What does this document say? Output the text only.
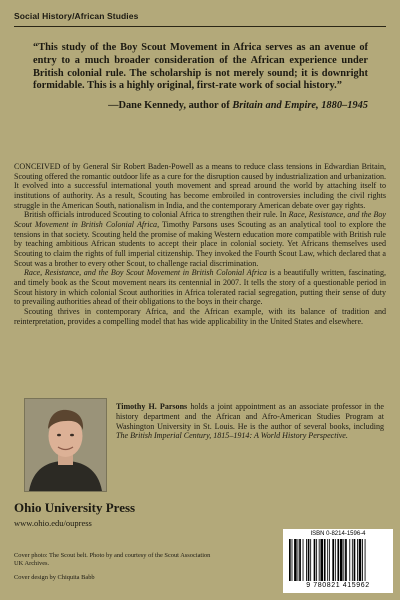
Social History/African Studies
“This study of the Boy Scout Movement in Africa serves as an avenue of entry to a much broader consideration of the African experience under British colonial rule. The scholarship is not merely sound; it is downright formidable. This is a highly original, first-rate work of social history.”
—Dane Kennedy, author of Britain and Empire, 1880–1945

CONCEIVED of by General Sir Robert Baden-Powell as a means to reduce class tensions in Edwardian Britain, Scouting offered the romantic outdoor life as a cure for the disruption caused by industrialization and urbanization. It evolved into a successful international youth movement and spread around the world by attaching itself to institutions of authority. As a result, Scouting has become embroiled in controversies including the civil rights struggle in the American South, nationalism in India, and the contemporary American debate over gay rights.

British officials introduced Scouting to colonial Africa to strengthen their rule. In Race, Resistance, and the Boy Scout Movement in British Colonial Africa, Timothy Parsons uses Scouting as an analytical tool to explore the tensions in that society. Scouting held the promise of making Western education more compatible with British rule by teaching ambitious African students to accept their place in colonial society. Yet Africans themselves used Scouting to claim the rights of full imperial citizenship. They invoked the Fourth Scout Law, which declared that a Scout was a brother to every other Scout, to challenge racial discrimination.

Race, Resistance, and the Boy Scout Movement in British Colonial Africa is a beautifully written, fascinating, and timely book as the Scout movement nears its centennial in 2007. It tells the story of a questionable period in Scout history in which colonial Scout authorities in Africa tolerated racial segregation, putting their sense of duty to prevailing authorities ahead of their obligations to the boys in their charge.

Scouting thrives in contemporary Africa, and the African example, with its balance of tradition and reinterpretation, provides a compelling model that has wide applicability in the United States and elsewhere.

Timothy H. Parsons holds a joint appointment as an associate professor in the history department and the African and Afro-American Studies Program at Washington University in St. Louis. He is the author of several books, including The British Imperial Century, 1815–1914: A World History Perspective.
Ohio University Press
www.ohio.edu/oupress
Cover photo: The Scout belt. Photo by and courtesy of the Scout Association UK Archives.
Cover design by Chiquita Babb
ISBN 0-8214-1596-4
9 780821 415962
